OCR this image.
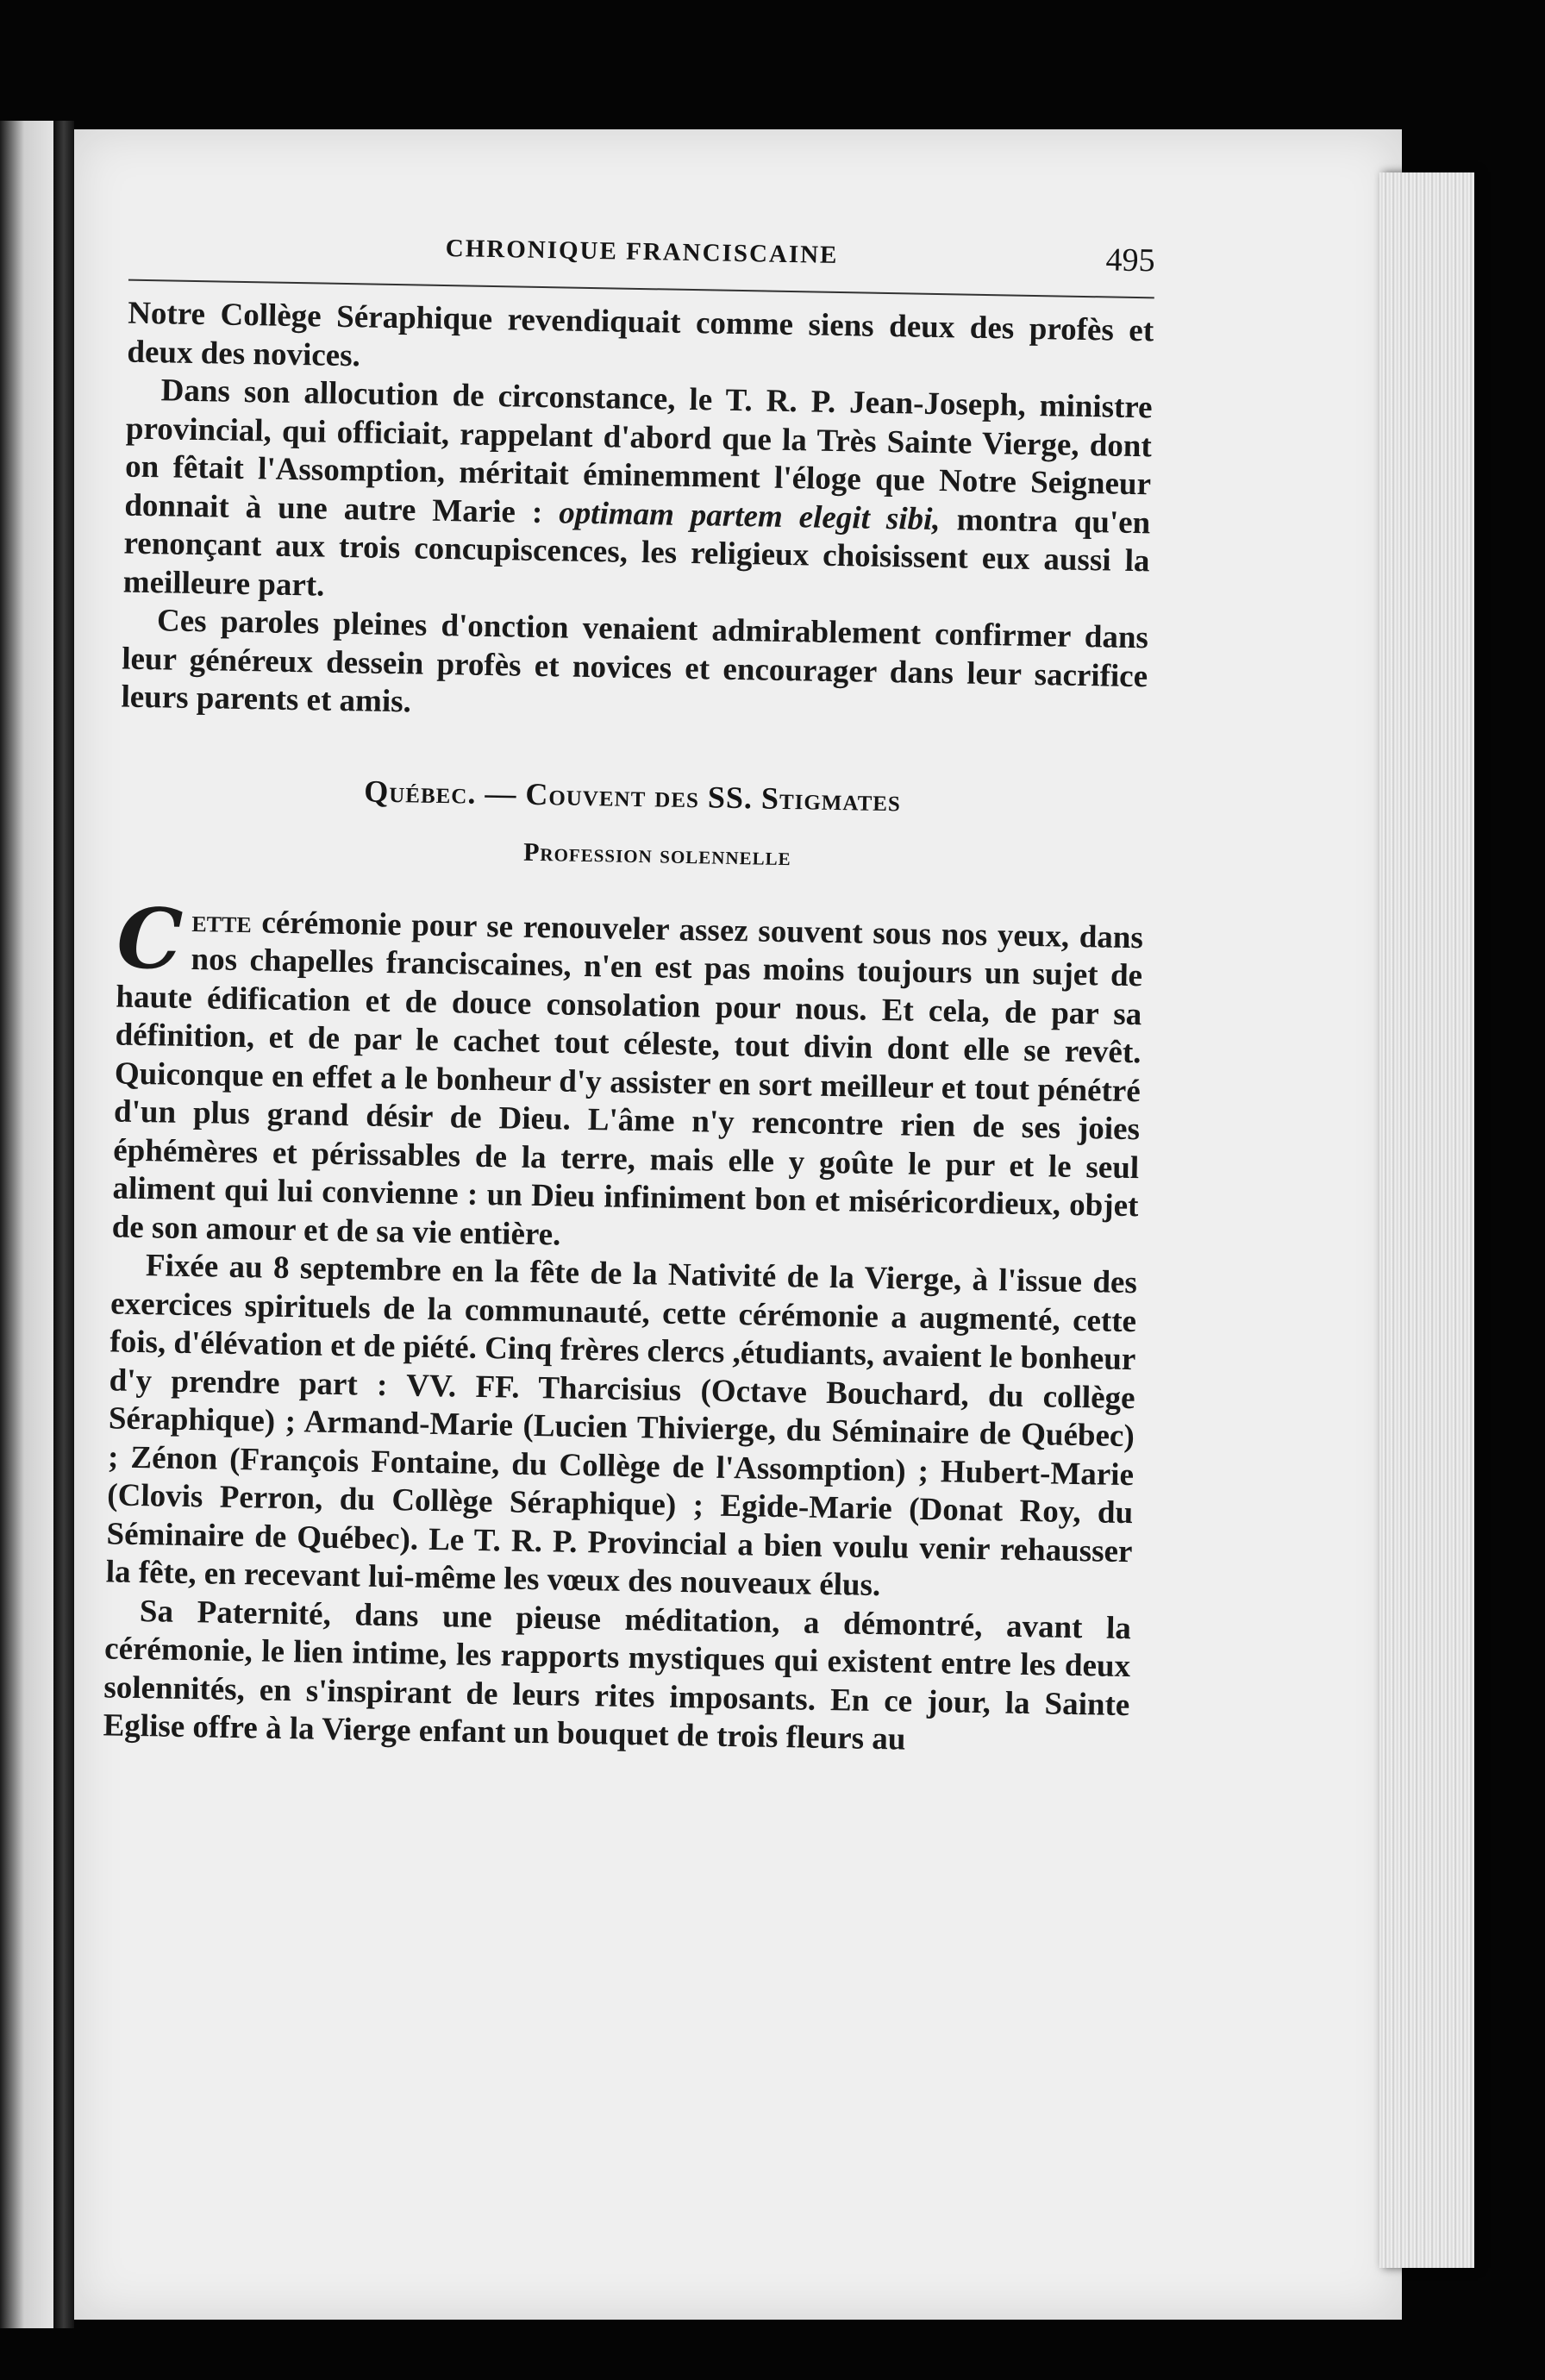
CHRONIQUE FRANCISCAINE	495

Notre Collège Séraphique revendiquait comme siens deux des profès et deux des novices.

Dans son allocution de circonstance, le T. R. P. Jean-Joseph, ministre provincial, qui officiait, rappelant d'abord que la Très Sainte Vierge, dont on fêtait l'Assomption, méritait éminemment l'éloge que Notre Seigneur donnait à une autre Marie : optimam partem elegit sibi, montra qu'en renonçant aux trois concupiscences, les religieux choisissent eux aussi la meilleure part.

Ces paroles pleines d'onction venaient admirablement confirmer dans leur généreux dessein profès et novices et encourager dans leur sacrifice leurs parents et amis.

Québec. — Couvent des SS. Stigmates
Profession solennelle

Cette cérémonie pour se renouveler assez souvent sous nos yeux, dans nos chapelles franciscaines, n'en est pas moins toujours un sujet de haute édification et de douce consolation pour nous. Et cela, de par sa définition, et de par le cachet tout céleste, tout divin dont elle se revêt. Quiconque en effet a le bonheur d'y assister en sort meilleur et tout pénétré d'un plus grand désir de Dieu. L'âme n'y rencontre rien de ses joies éphémères et périssables de la terre, mais elle y goûte le pur et le seul aliment qui lui convienne : un Dieu infiniment bon et miséricordieux, objet de son amour et de sa vie entière.

Fixée au 8 septembre en la fête de la Nativité de la Vierge, à l'issue des exercices spirituels de la communauté, cette cérémonie a augmenté, cette fois, d'élévation et de piété. Cinq frères clercs ,étudiants, avaient le bonheur d'y prendre part : VV. FF. Tharcisius (Octave Bouchard, du collège Séraphique) ; Armand-Marie (Lucien Thivierge, du Séminaire de Québec) ; Zénon (François Fontaine, du Collège de l'Assomption) ; Hubert-Marie (Clovis Perron, du Collège Séraphique) ; Egide-Marie (Donat Roy, du Séminaire de Québec). Le T. R. P. Provincial a bien voulu venir rehausser la fête, en recevant lui-même les vœux des nouveaux élus.

Sa Paternité, dans une pieuse méditation, a démontré, avant la cérémonie, le lien intime, les rapports mystiques qui existent entre les deux solennités, en s'inspirant de leurs rites imposants. En ce jour, la Sainte Eglise offre à la Vierge enfant un bouquet de trois fleurs au
